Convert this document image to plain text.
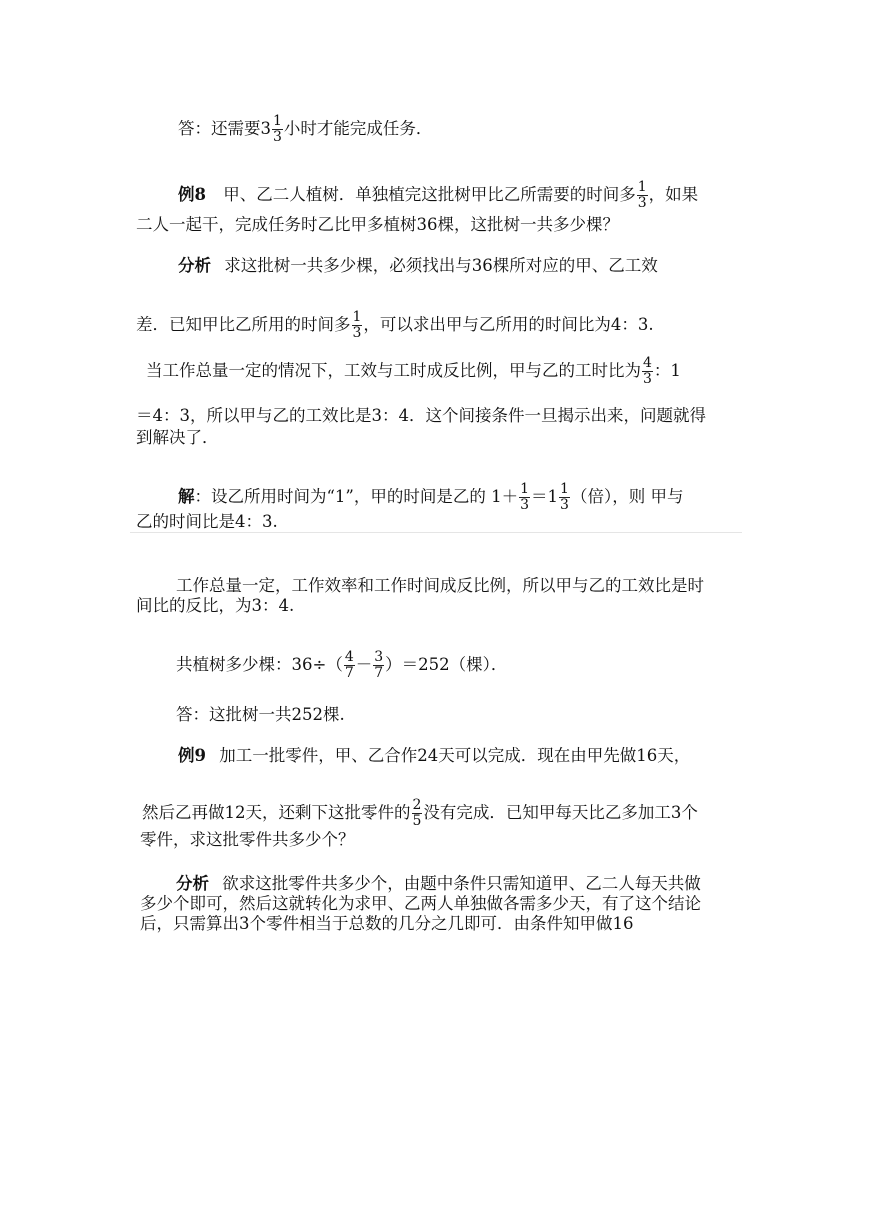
答：还需要$3 \frac{1}{3}$ 小时才能完成任务．
例8 甲、乙二人植树．单独植完这批树甲比乙所需要的时间多 $\frac{1}{3}$ ，如果
二人一起干，完成任务时乙比甲多植树36棵，这批树一共多少棵？
分析 求这批树一共多少棵，必须找出与36棵所对应的甲、乙工效
差．已知甲比乙所用的时间多 $\frac{1}{3}$ ，可以求出甲与乙所用的时间比为4：3.
当工作总量一定的情况下，工效与工时成反比例，甲与乙的工时比为 $\frac{4}{3}$ ：1
＝4：3，所以甲与乙的工效比是3：4．这个间接条件一旦揭示出来，问题就得
到解决了．
解：设乙所用时间为“1”，甲的时间是乙的 $1+ \frac{1}{3} =1 \frac{1}{3}$ （倍），则 甲与
乙的时间比是4：3.
工作总量一定，工作效率和工作时间成反比例，所以甲与乙的工效比是时
间比的反比，为3：4.
共植树多少棵：$36\div( \frac{4}{7} - \frac{3}{7} )=252$（棵）．
答：这批树一共252棵.
例9 加工一批零件，甲、乙合作24天可以完成．现在由甲先做16天，
然后乙再做12天，还剩下这批零件的 $\frac{2}{5}$ 没有完成．已知甲每天比乙多加工3个
零件，求这批零件共多少个？
分析 欲求这批零件共多少个，由题中条件只需知道甲、乙二人每天共做
多少个即可，然后这就转化为求甲、乙两人单独做各需多少天，有了这个结论
后，只需算出3个零件相当于总数的几分之几即可．由条件知甲做16
